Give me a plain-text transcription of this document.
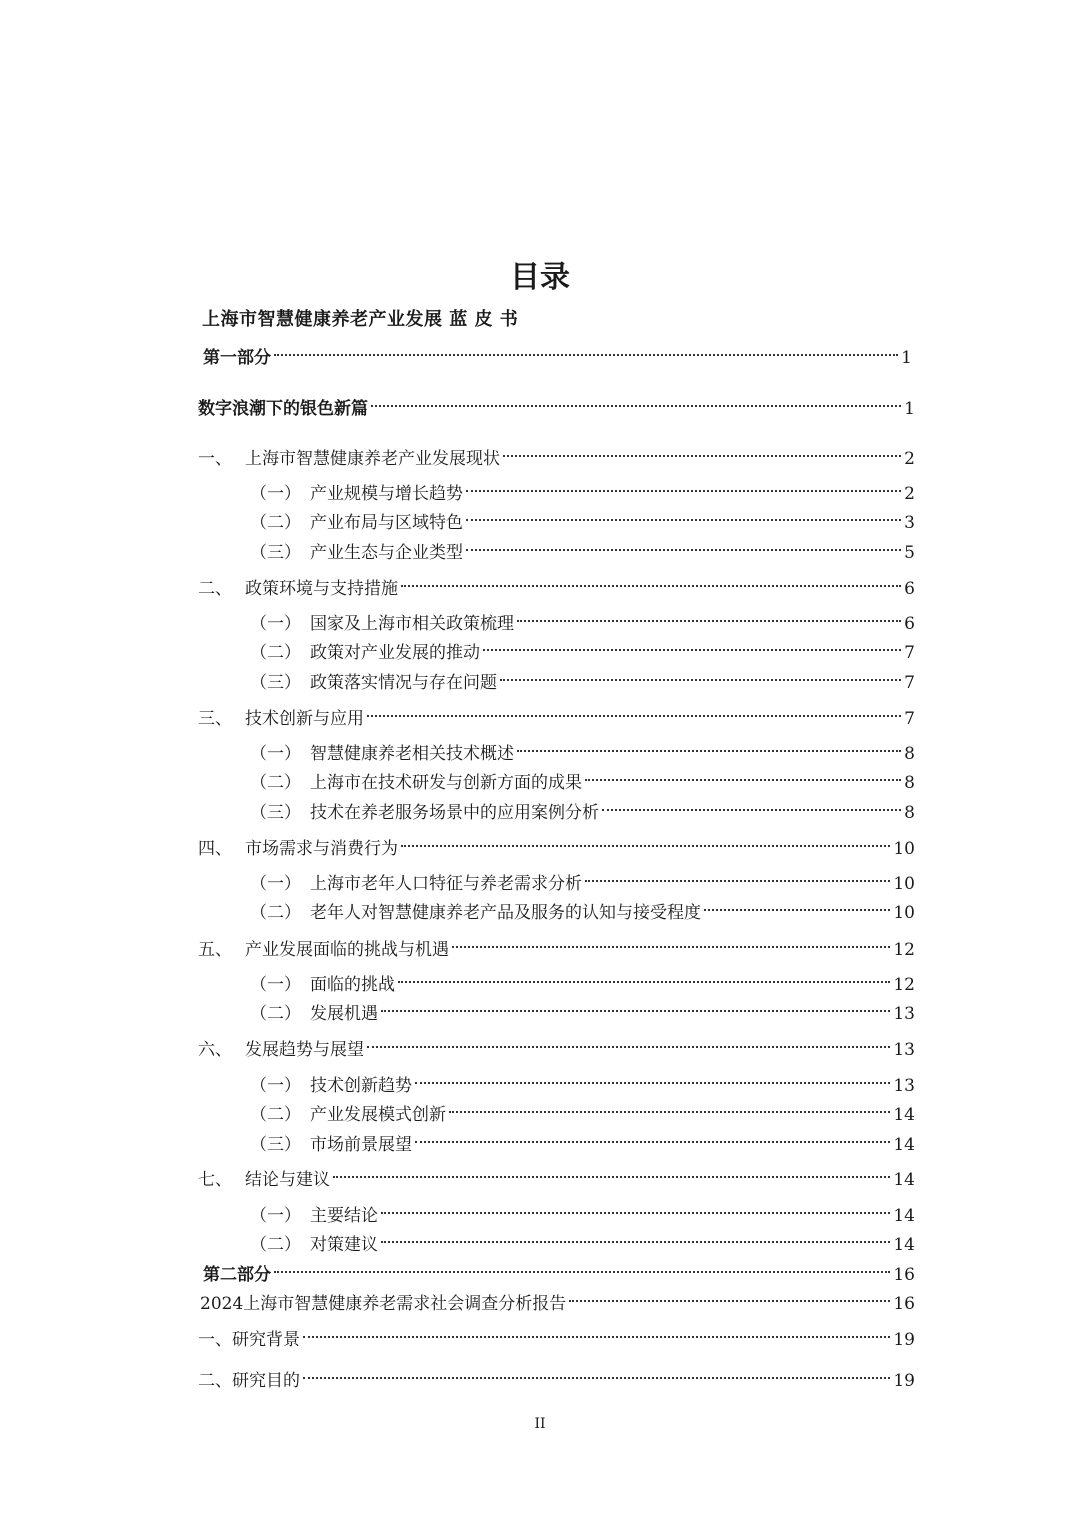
目录
上海市智慧健康养老产业发展 蓝 皮 书
第一部分	1
数字浪潮下的银色新篇	1
一、 上海市智慧健康养老产业发展现状	2
（一） 产业规模与增长趋势	2
（二） 产业布局与区域特色	3
（三） 产业生态与企业类型	5
二、 政策环境与支持措施	6
（一） 国家及上海市相关政策梳理	6
（二） 政策对产业发展的推动	7
（三） 政策落实情况与存在问题	7
三、 技术创新与应用	7
（一） 智慧健康养老相关技术概述	8
（二） 上海市在技术研发与创新方面的成果	8
（三） 技术在养老服务场景中的应用案例分析	8
四、 市场需求与消费行为	10
（一） 上海市老年人口特征与养老需求分析	10
（二） 老年人对智慧健康养老产品及服务的认知与接受程度	10
五、 产业发展面临的挑战与机遇	12
（一） 面临的挑战	12
（二） 发展机遇	13
六、 发展趋势与展望	13
（一） 技术创新趋势	13
（二） 产业发展模式创新	14
（三） 市场前景展望	14
七、 结论与建议	14
（一） 主要结论	14
（二） 对策建议	14
第二部分	16
2024上海市智慧健康养老需求社会调查分析报告	16
一、研究背景	19
二、研究目的	19
II
